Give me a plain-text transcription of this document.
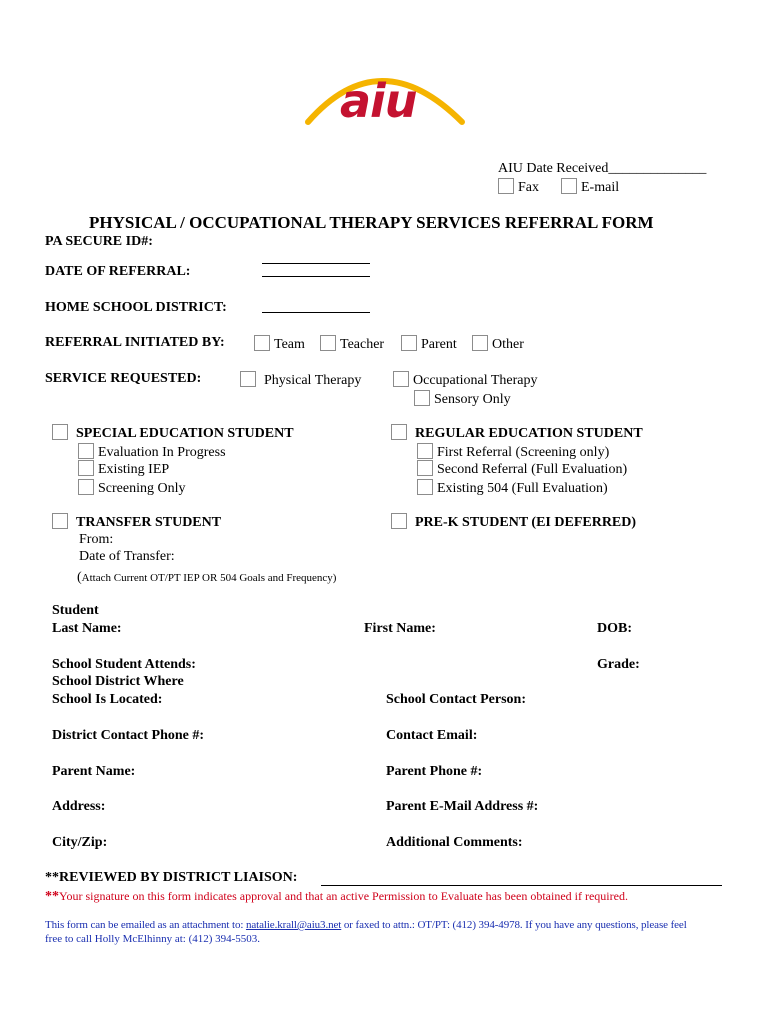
aiu
AIU Date Received______________
Fax	E-mail
PHYSICAL / OCCUPATIONAL THERAPY SERVICES REFERRAL FORM
PA SECURE ID#:
DATE OF REFERRAL:
HOME SCHOOL DISTRICT:
REFERRAL INITIATED BY:	Team	Teacher	Parent	Other
SERVICE REQUESTED:	Physical Therapy	Occupational Therapy
Sensory Only
SPECIAL EDUCATION STUDENT
Evaluation In Progress
Existing IEP
Screening Only
REGULAR EDUCATION STUDENT
First Referral (Screening only)
Second Referral (Full Evaluation)
Existing 504 (Full Evaluation)
TRANSFER STUDENT
From:
Date of Transfer:
(Attach Current OT/PT IEP OR 504 Goals and Frequency)
PRE-K STUDENT (EI DEFERRED)
Student
Last Name:	First Name:	DOB:
School Student Attends:	Grade:
School District Where
School Is Located:	School Contact Person:
District Contact Phone #:	Contact Email:
Parent Name:	Parent Phone #:
Address:	Parent E-Mail Address #:
City/Zip:	Additional Comments:
**REVIEWED BY DISTRICT LIAISON:
**Your signature on this form indicates approval and that an active Permission to Evaluate has been obtained if required.
This form can be emailed as an attachment to: natalie.krall@aiu3.net or faxed to attn.: OT/PT: (412) 394-4978. If you have any questions, please feel
free to call Holly McElhinny at: (412) 394-5503.
